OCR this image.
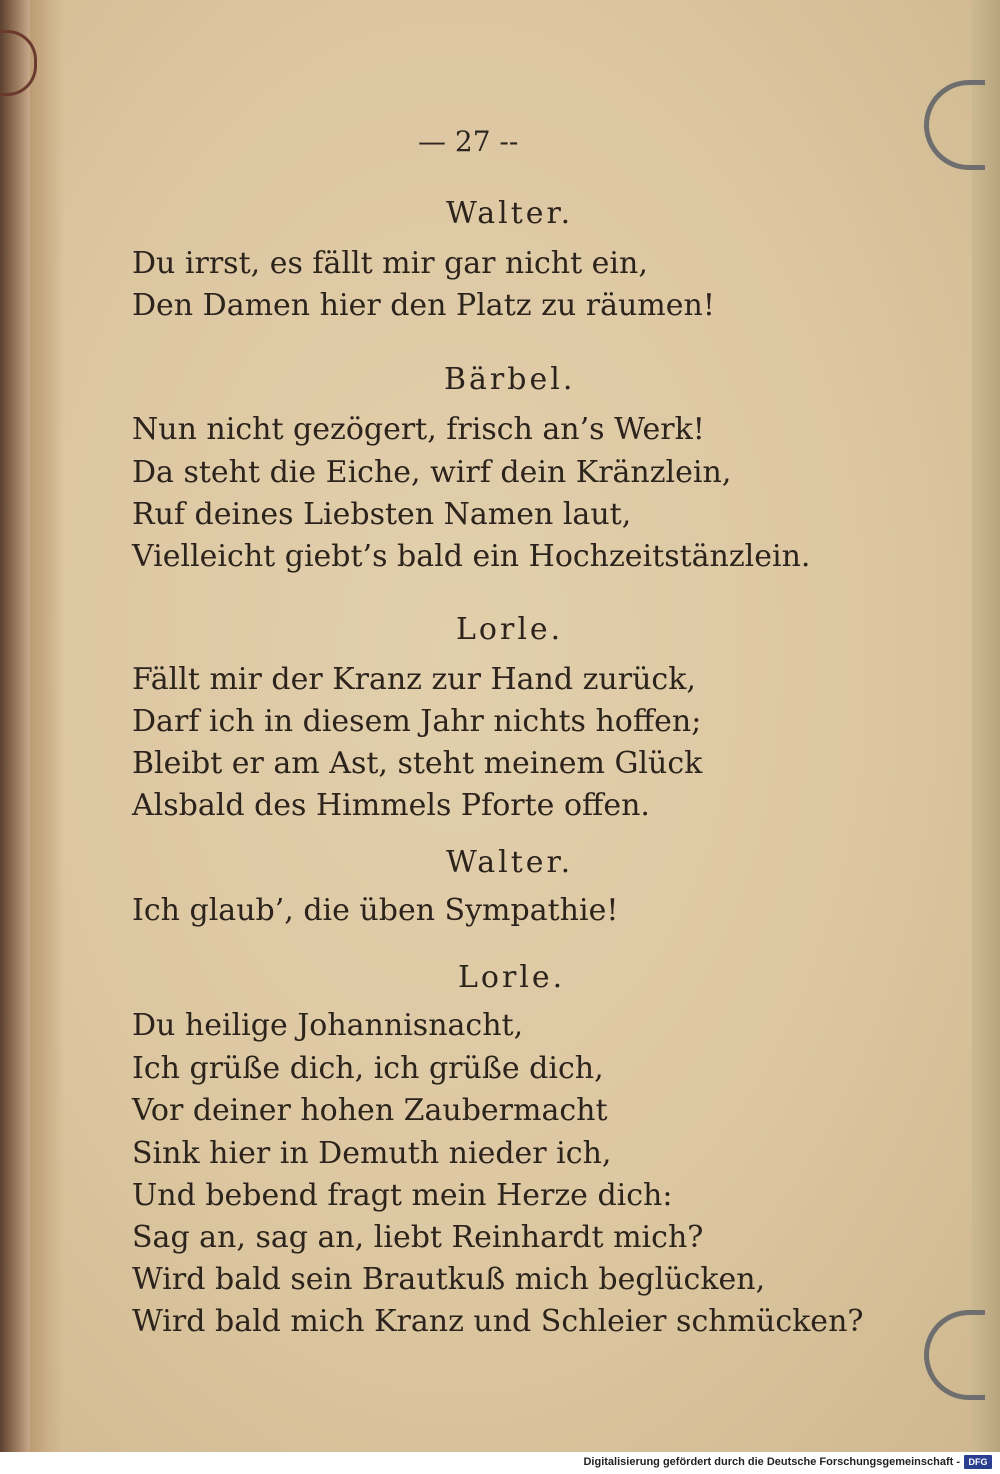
— 27 --
Walter.
Du irrst, es fällt mir gar nicht ein,
Den Damen hier den Platz zu räumen!
Bärbel.
Nun nicht gezögert, frisch an’s Werk!
Da steht die Eiche, wirf dein Kränzlein,
Ruf deines Liebsten Namen laut,
Vielleicht giebt’s bald ein Hochzeitstänzlein.
Lorle.
Fällt mir der Kranz zur Hand zurück,
Darf ich in diesem Jahr nichts hoffen;
Bleibt er am Ast, steht meinem Glück
Alsbald des Himmels Pforte offen.
Walter.
Ich glaub’, die üben Sympathie!
Lorle.
Du heilige Johannisnacht,
Ich grüße dich, ich grüße dich,
Vor deiner hohen Zaubermacht
Sink hier in Demuth nieder ich,
Und bebend fragt mein Herze dich:
Sag an, sag an, liebt Reinhardt mich?
Wird bald sein Brautkuß mich beglücken,
Wird bald mich Kranz und Schleier schmücken?
Digitalisierung gefördert durch die Deutsche Forschungsgemeinschaft - DFG
